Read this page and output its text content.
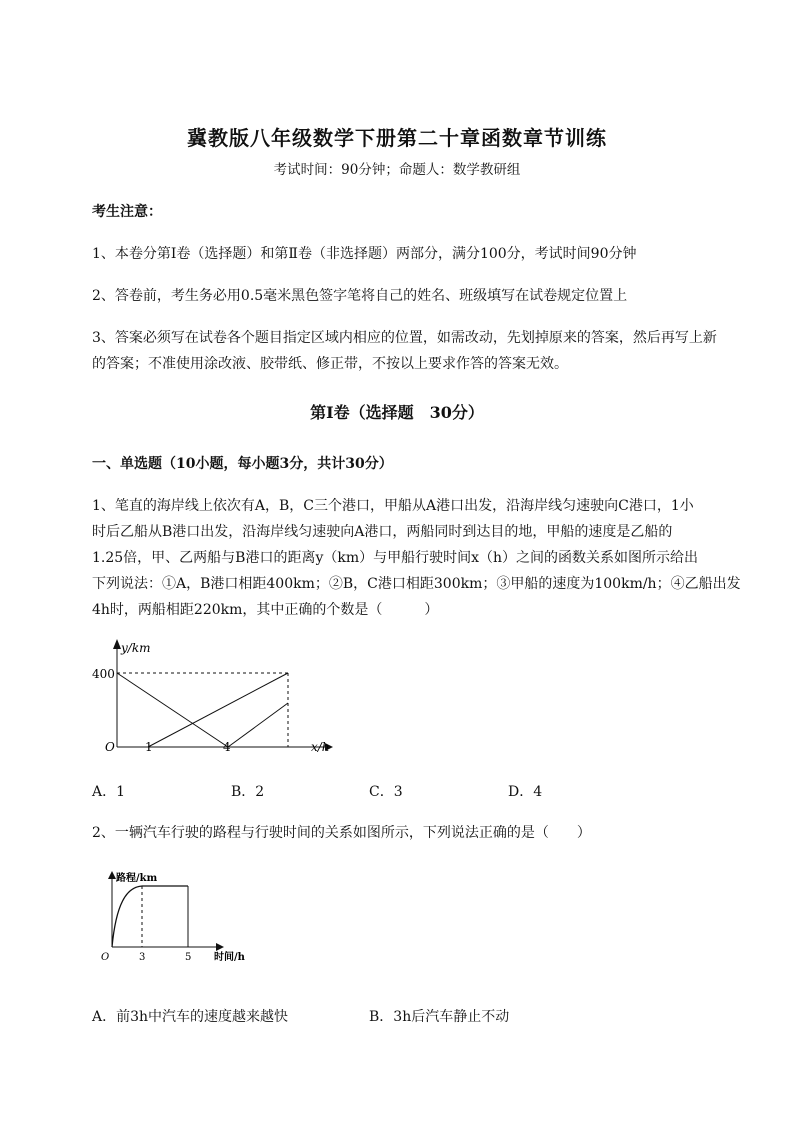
冀教版八年级数学下册第二十章函数章节训练
考试时间：90分钟；命题人：数学教研组
考生注意：
1、本卷分第I卷（选择题）和第Ⅱ卷（非选择题）两部分，满分100分，考试时间90分钟
2、答卷前，考生务必用0.5毫米黑色签字笔将自己的姓名、班级填写在试卷规定位置上
3、答案必须写在试卷各个题目指定区域内相应的位置，如需改动，先划掉原来的答案，然后再写上新
的答案；不准使用涂改液、胶带纸、修正带，不按以上要求作答的答案无效。
第I卷（选择题　30分）
一、单选题（10小题，每小题3分，共计30分）
1、笔直的海岸线上依次有A，B，C三个港口，甲船从A港口出发，沿海岸线匀速驶向C港口，1小
时后乙船从B港口出发，沿海岸线匀速驶向A港口，两船同时到达目的地，甲船的速度是乙船的
1.25倍，甲、乙两船与B港口的距离y（km）与甲船行驶时间x（h）之间的函数关系如图所示给出
下列说法：①A，B港口相距400km；②B，C港口相距300km；③甲船的速度为100km/h；④乙船出发
4h时，两船相距220km，其中正确的个数是（　　　）
y/km
400
O	1	4	x/h
A．1	B．2	C．3	D．4
2、一辆汽车行驶的路程与行驶时间的关系如图所示，下列说法正确的是（　　）
路程/km
O	3	5 时间/h
A．前3h中汽车的速度越来越快	B．3h后汽车静止不动
